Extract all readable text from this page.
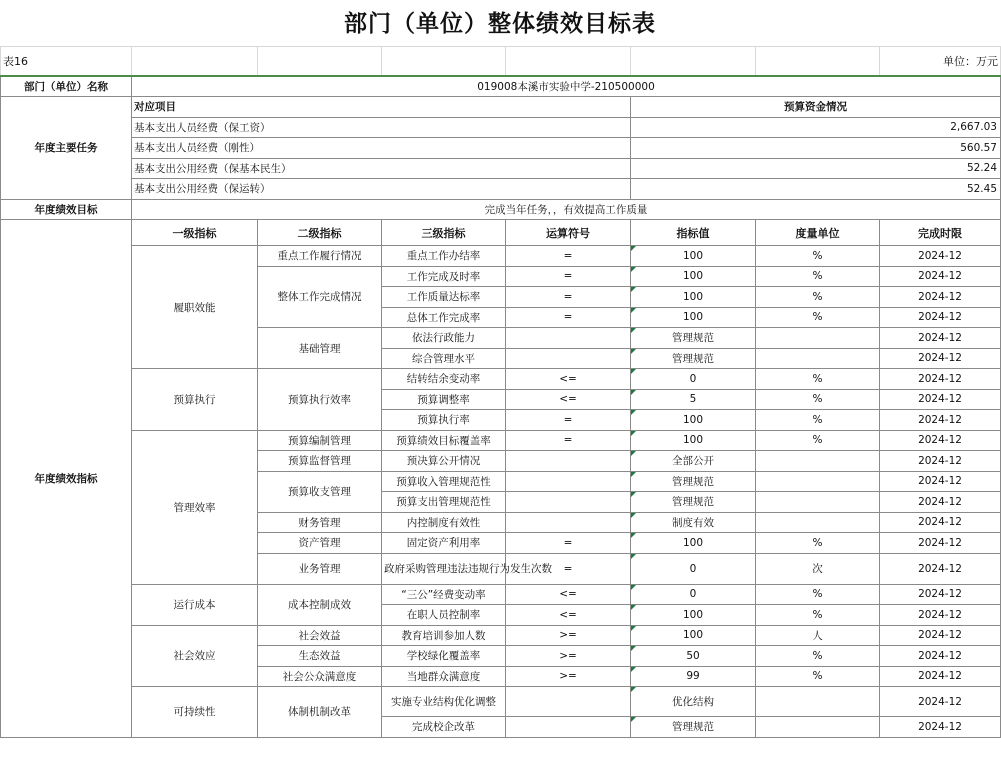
部门（单位）整体绩效目标表
表16							单位：万元
部门（单位）名称	019008本溪市实验中学-210500000						
年度主要任务	对应项目				预算资金情况		
	基本支出人员经费（保工资）				2,667.03		
	基本支出人员经费（刚性）				560.57		
	基本支出公用经费（保基本民生）				52.24		
	基本支出公用经费（保运转）				52.45		
年度绩效目标	完成当年任务，，有效提高工作质量						
年度绩效指标	一级指标	二级指标	三级指标	运算符号	指标值	度量单位	完成时限
	履职效能	重点工作履行情况	重点工作办结率	=	100	%	2024-12
		整体工作完成情况	工作完成及时率	=	100	%	2024-12
			工作质量达标率	=	100	%	2024-12
			总体工作完成率	=	100	%	2024-12
		基础管理	依法行政能力		管理规范		2024-12
			综合管理水平		管理规范		2024-12
	预算执行	预算执行效率	结转结余变动率	<=	0	%	2024-12
			预算调整率	<=	5	%	2024-12
			预算执行率	=	100	%	2024-12
	管理效率	预算编制管理	预算绩效目标覆盖率	=	100	%	2024-12
		预算监督管理	预决算公开情况		全部公开		2024-12
		预算收支管理	预算收入管理规范性		管理规范		2024-12
			预算支出管理规范性		管理规范		2024-12
		财务管理	内控制度有效性		制度有效		2024-12
		资产管理	固定资产利用率	=	100	%	2024-12
		业务管理	政府采购管理违法违规行为发生次数	=	0	次	2024-12
	运行成本	成本控制成效	“三公”经费变动率	<=	0	%	2024-12
			在职人员控制率	<=	100	%	2024-12
	社会效应	社会效益	教育培训参加人数	>=	100	人	2024-12
		生态效益	学校绿化覆盖率	>=	50	%	2024-12
		社会公众满意度	当地群众满意度	>=	99	%	2024-12
	可持续性	体制机制改革	实施专业结构优化调整		优化结构		2024-12
			完成校企改革		管理规范		2024-12
